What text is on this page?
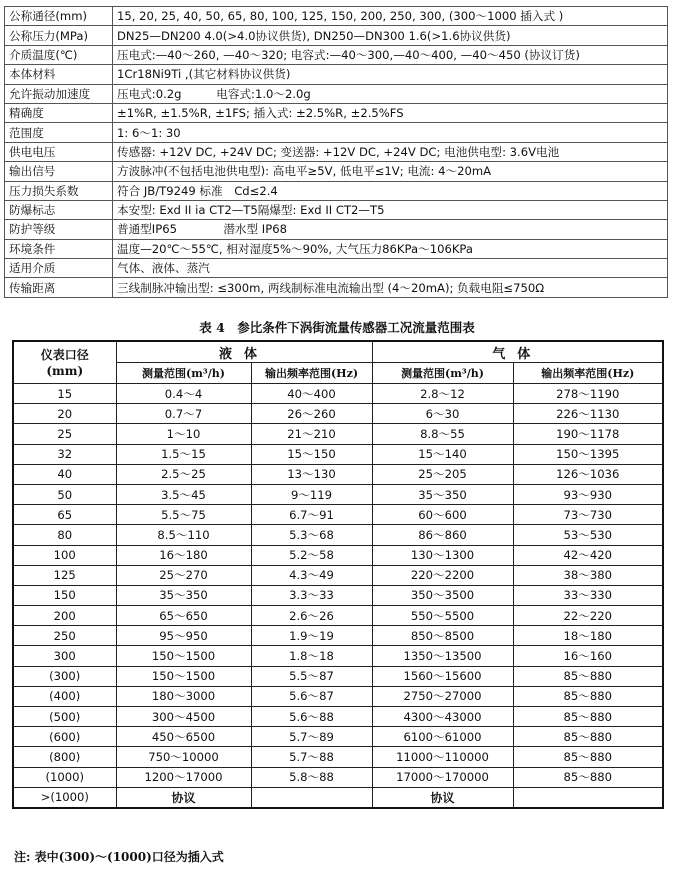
公称通径(mm)	15, 20, 25, 40, 50, 65, 80, 100, 125, 150, 200, 250, 300, (300～1000 插入式 )
公称压力(MPa)	DN25—DN200 4.0(>4.0协议供货), DN250—DN300 1.6(>1.6协议供货)
介质温度(℃)	压电式:—40～260, —40～320; 电容式:—40～300,—40～400, —40～450 (协议订货)
本体材料	1Cr18Ni9Ti ,(其它材料协议供货)
允许振动加速度	压电式:0.2g　　　电容式:1.0～2.0g
精确度	±1%R, ±1.5%R, ±1FS; 插入式: ±2.5%R, ±2.5%FS
范围度	1: 6～1: 30
供电电压	传感器: +12V DC, +24V DC; 变送器: +12V DC, +24V DC; 电池供电型: 3.6V电池
输出信号	方波脉冲(不包括电池供电型): 高电平≥5V, 低电平≤1V; 电流: 4～20mA
压力损失系数	符合 JB/T9249 标准　Cd≤2.4
防爆标志	本安型: Exd II ia CT2—T5隔爆型: Exd II CT2—T5
防护等级	普通型IP65　　　　潜水型 IP68
环境条件	温度—20℃～55℃, 相对湿度5%～90%, 大气压力86KPa～106KPa
适用介质	气体、液体、蒸汽
传输距离	三线制脉冲输出型: ≤300m, 两线制标准电流输出型 (4～20mA); 负载电阻≤750Ω
表 4　参比条件下涡街流量传感器工况流量范围表
仪表口径
(mm)	液体		气体	
	测量范围(m³/h)	输出频率范围(Hz)	测量范围(m³/h)	输出频率范围(Hz)
15	0.4～4	40～400	2.8～12	278～1190
20	0.7～7	26～260	6～30	226～1130
25	1～10	21～210	8.8～55	190～1178
32	1.5～15	15～150	15～140	150～1395
40	2.5～25	13～130	25～205	126～1036
50	3.5～45	9～119	35～350	93～930
65	5.5～75	6.7～91	60～600	73～730
80	8.5～110	5.3～68	86～860	53～530
100	16～180	5.2～58	130～1300	42～420
125	25～270	4.3～49	220～2200	38～380
150	35～350	3.3～33	350～3500	33～330
200	65～650	2.6～26	550～5500	22～220
250	95～950	1.9～19	850～8500	18～180
300	150～1500	1.8～18	1350～13500	16～160
(300)	150～1500	5.5～87	1560～15600	85～880
(400)	180～3000	5.6～87	2750～27000	85～880
(500)	300～4500	5.6～88	4300～43000	85～880
(600)	450～6500	5.7～89	6100～61000	85～880
(800)	750～10000	5.7～88	11000～110000	85～880
(1000)	1200～17000	5.8～88	17000～170000	85～880
>(1000)	协议		协议	
注: 表中(300)～(1000)口径为插入式
